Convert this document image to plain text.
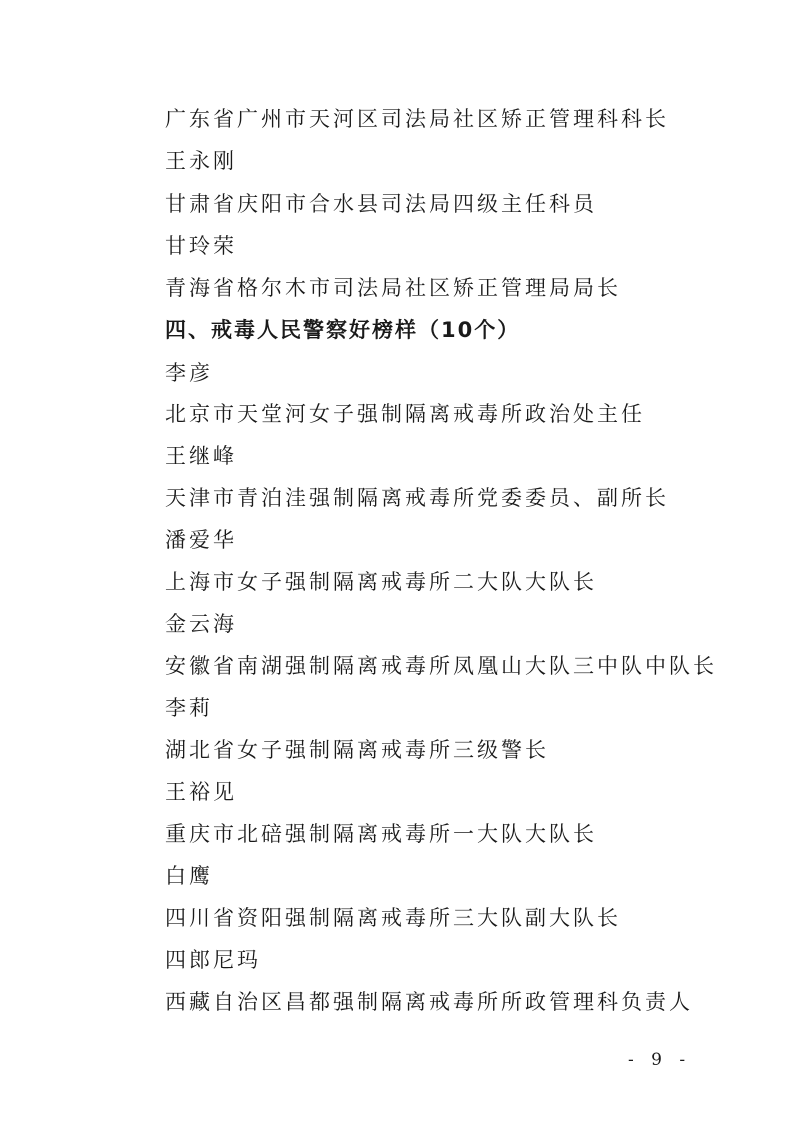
广东省广州市天河区司法局社区矫正管理科科长
王永刚
甘肃省庆阳市合水县司法局四级主任科员
甘玲荣
青海省格尔木市司法局社区矫正管理局局长
四、戒毒人民警察好榜样（10个）
李彦
北京市天堂河女子强制隔离戒毒所政治处主任
王继峰
天津市青泊洼强制隔离戒毒所党委委员、副所长
潘爱华
上海市女子强制隔离戒毒所二大队大队长
金云海
安徽省南湖强制隔离戒毒所凤凰山大队三中队中队长
李莉
湖北省女子强制隔离戒毒所三级警长
王裕见
重庆市北碚强制隔离戒毒所一大队大队长
白鹰
四川省资阳强制隔离戒毒所三大队副大队长
四郎尼玛
西藏自治区昌都强制隔离戒毒所所政管理科负责人
- 9 -
